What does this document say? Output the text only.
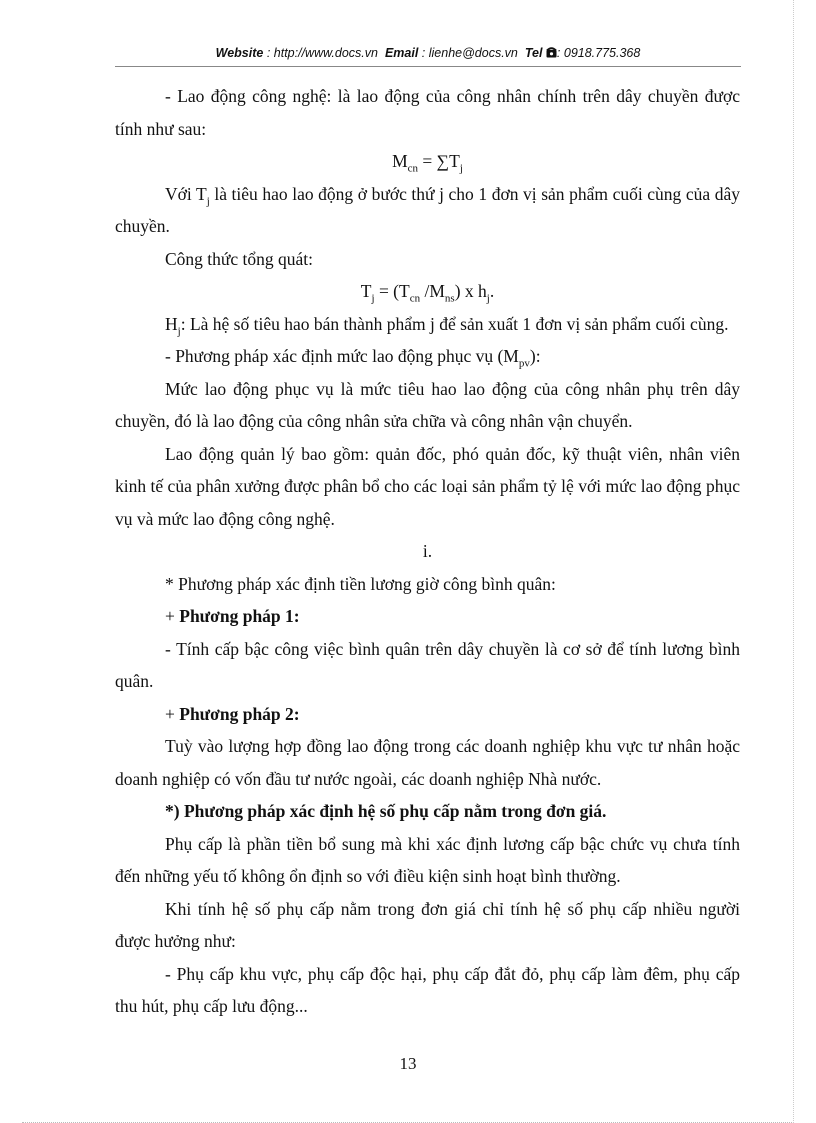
Website : http://www.docs.vn Email : lienhe@docs.vn Tel : 0918.775.368

- Lao động công nghệ: là lao động của công nhân chính trên dây chuyền được tính như sau:

$M_{cn} = \sum T_j$

Với $T_j$ là tiêu hao lao động ở bước thứ j cho 1 đơn vị sản phẩm cuối cùng của dây chuyền.

Công thức tổng quát:

$T_j = (T_{cn}$ $/M_{ns}$) x $h_j$.

$H_j$: Là hệ số tiêu hao bán thành phẩm j để sản xuất 1 đơn vị sản phẩm cuối cùng.

- Phương pháp xác định mức lao động phục vụ $(M_{pv})$:

Mức lao động phục vụ là mức tiêu hao lao động của công nhân phụ trên dây chuyền, đó là lao động của công nhân sửa chữa và công nhân vận chuyển.

Lao động quản lý bao gồm: quản đốc, phó quản đốc, kỹ thuật viên, nhân viên kinh tế của phân xưởng được phân bổ cho các loại sản phẩm tỷ lệ với mức lao động phục vụ và mức lao động công nghệ.

i.

* Phương pháp xác định tiền lương giờ công bình quân:

+ Phương pháp 1:

- Tính cấp bậc công việc bình quân trên dây chuyền là cơ sở để tính lương bình quân.

+ Phương pháp 2:

Tuỳ vào lượng hợp đồng lao động trong các doanh nghiệp khu vực tư nhân hoặc doanh nghiệp có vốn đầu tư nước ngoài, các doanh nghiệp Nhà nước.

*) Phương pháp xác định hệ số phụ cấp nằm trong đơn giá.

Phụ cấp là phần tiền bổ sung mà khi xác định lương cấp bậc chức vụ chưa tính đến những yếu tố không ổn định so với điều kiện sinh hoạt bình thường.

Khi tính hệ số phụ cấp nằm trong đơn giá chỉ tính hệ số phụ cấp nhiều người được hưởng như:

- Phụ cấp khu vực, phụ cấp độc hại, phụ cấp đắt đỏ, phụ cấp làm đêm, phụ cấp thu hút, phụ cấp lưu động...

13
